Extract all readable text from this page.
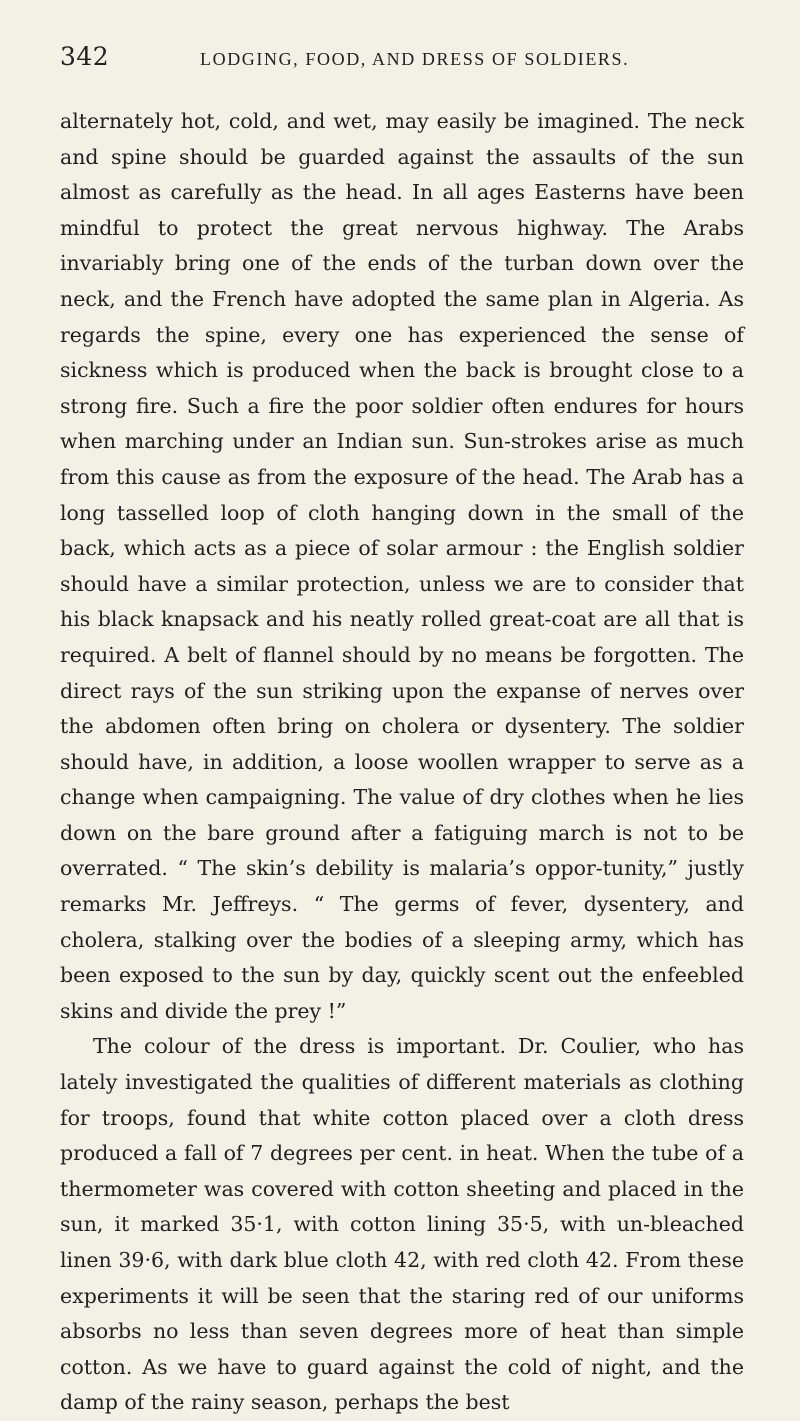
342	LODGING, FOOD, AND DRESS OF SOLDIERS.

alternately hot, cold, and wet, may easily be imagined. The neck and spine should be guarded against the assaults of the sun almost as carefully as the head. In all ages Easterns have been mindful to protect the great nervous highway. The Arabs invariably bring one of the ends of the turban down over the neck, and the French have adopted the same plan in Algeria. As regards the spine, every one has experienced the sense of sickness which is produced when the back is brought close to a strong fire. Such a fire the poor soldier often endures for hours when marching under an Indian sun. Sun-strokes arise as much from this cause as from the exposure of the head. The Arab has a long tasselled loop of cloth hanging down in the small of the back, which acts as a piece of solar armour : the English soldier should have a similar protection, unless we are to consider that his black knapsack and his neatly rolled great-coat are all that is required. A belt of flannel should by no means be forgotten. The direct rays of the sun striking upon the expanse of nerves over the abdomen often bring on cholera or dysentery. The soldier should have, in addition, a loose woollen wrapper to serve as a change when campaigning. The value of dry clothes when he lies down on the bare ground after a fatiguing march is not to be overrated. “ The skin’s debility is malaria’s oppor-tunity,” justly remarks Mr. Jeffreys. “ The germs of fever, dysentery, and cholera, stalking over the bodies of a sleeping army, which has been exposed to the sun by day, quickly scent out the enfeebled skins and divide the prey !”

The colour of the dress is important. Dr. Coulier, who has lately investigated the qualities of different materials as clothing for troops, found that white cotton placed over a cloth dress produced a fall of 7 degrees per cent. in heat. When the tube of a thermometer was covered with cotton sheeting and placed in the sun, it marked 35·1, with cotton lining 35·5, with un-bleached linen 39·6, with dark blue cloth 42, with red cloth 42. From these experiments it will be seen that the staring red of our uniforms absorbs no less than seven degrees more of heat than simple cotton. As we have to guard against the cold of night, and the damp of the rainy season, perhaps the best
